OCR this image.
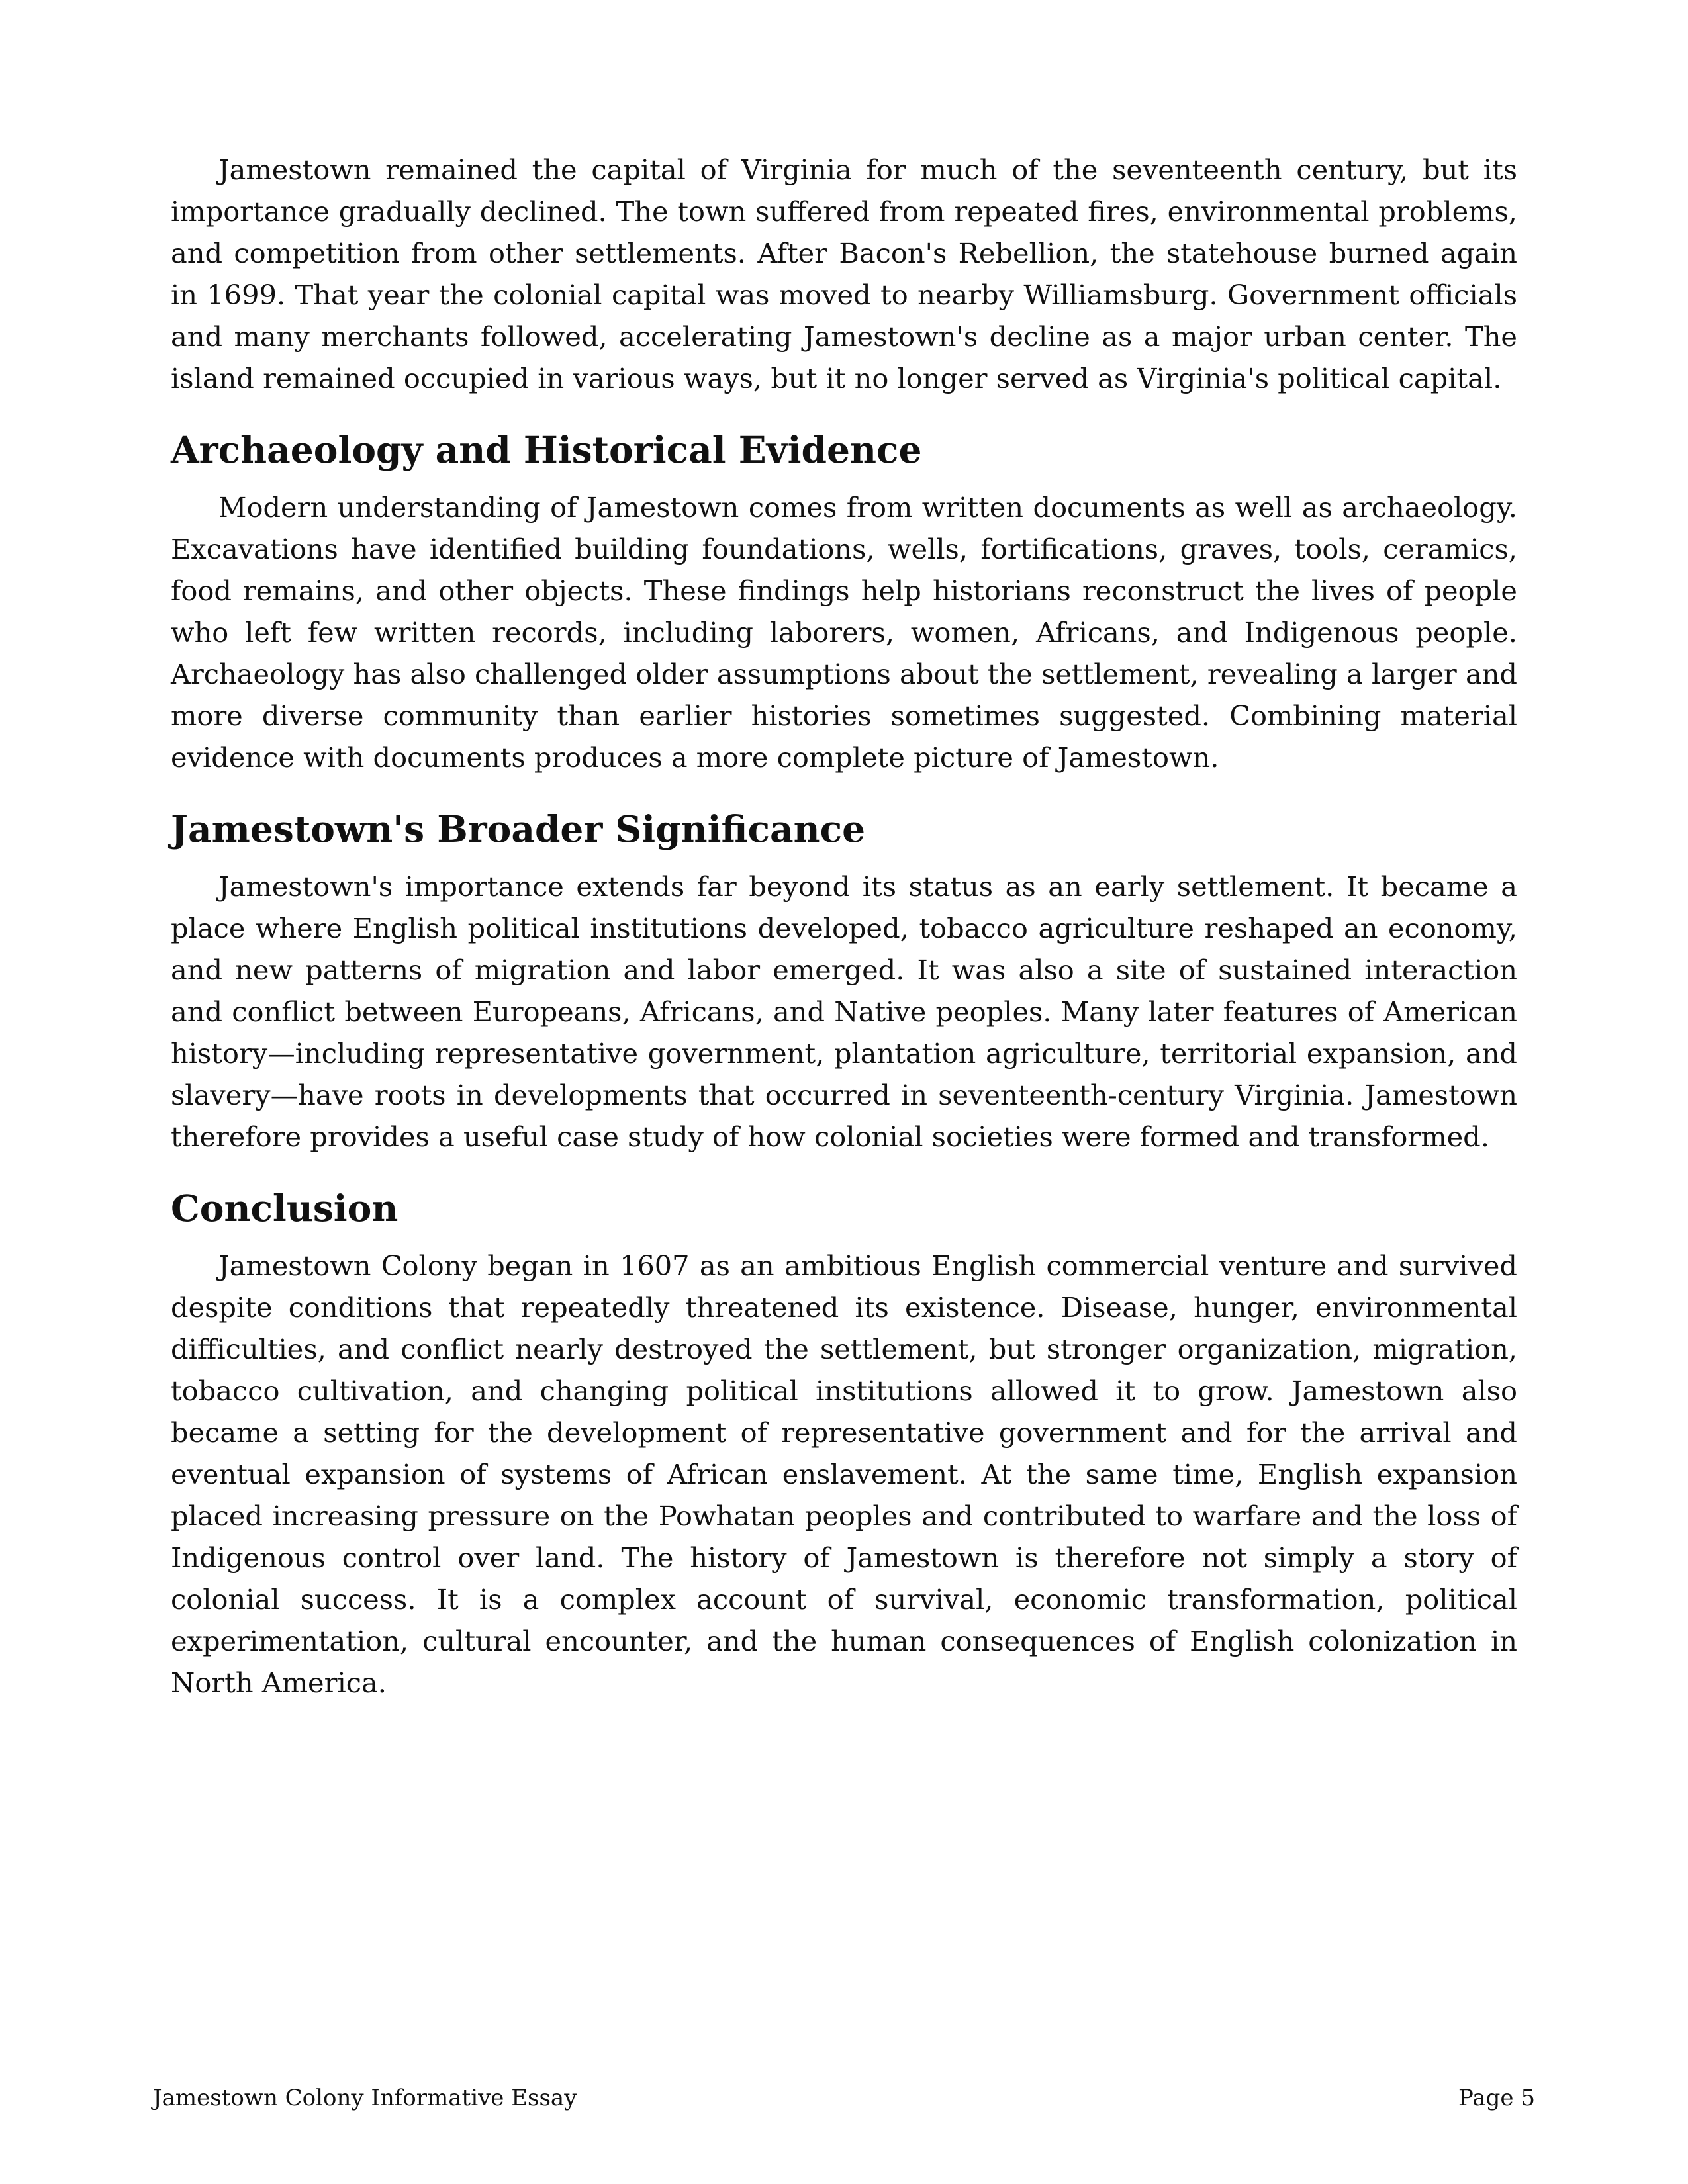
Jamestown remained the capital of Virginia for much of the seventeenth century, but its importance gradually declined. The town suffered from repeated fires, environmental problems, and competition from other settlements. After Bacon's Rebellion, the statehouse burned again in 1699. That year the colonial capital was moved to nearby Williamsburg. Government officials and many merchants followed, accelerating Jamestown's decline as a major urban center. The island remained occupied in various ways, but it no longer served as Virginia's political capital.

Archaeology and Historical Evidence

Modern understanding of Jamestown comes from written documents as well as archaeology. Excavations have identified building foundations, wells, fortifications, graves, tools, ceramics, food remains, and other objects. These findings help historians reconstruct the lives of people who left few written records, including laborers, women, Africans, and Indigenous people. Archaeology has also challenged older assumptions about the settlement, revealing a larger and more diverse community than earlier histories sometimes suggested. Combining material evidence with documents produces a more complete picture of Jamestown.

Jamestown's Broader Significance

Jamestown's importance extends far beyond its status as an early settlement. It became a place where English political institutions developed, tobacco agriculture reshaped an economy, and new patterns of migration and labor emerged. It was also a site of sustained interaction and conflict between Europeans, Africans, and Native peoples. Many later features of American history—including representative government, plantation agriculture, territorial expansion, and slavery—have roots in developments that occurred in seventeenth-century Virginia. Jamestown therefore provides a useful case study of how colonial societies were formed and transformed.

Conclusion

Jamestown Colony began in 1607 as an ambitious English commercial venture and survived despite conditions that repeatedly threatened its existence. Disease, hunger, environmental difficulties, and conflict nearly destroyed the settlement, but stronger organization, migration, tobacco cultivation, and changing political institutions allowed it to grow. Jamestown also became a setting for the development of representative government and for the arrival and eventual expansion of systems of African enslavement. At the same time, English expansion placed increasing pressure on the Powhatan peoples and contributed to warfare and the loss of Indigenous control over land. The history of Jamestown is therefore not simply a story of colonial success. It is a complex account of survival, economic transformation, political experimentation, cultural encounter, and the human consequences of English colonization in North America.

Jamestown Colony Informative Essay	Page 5
